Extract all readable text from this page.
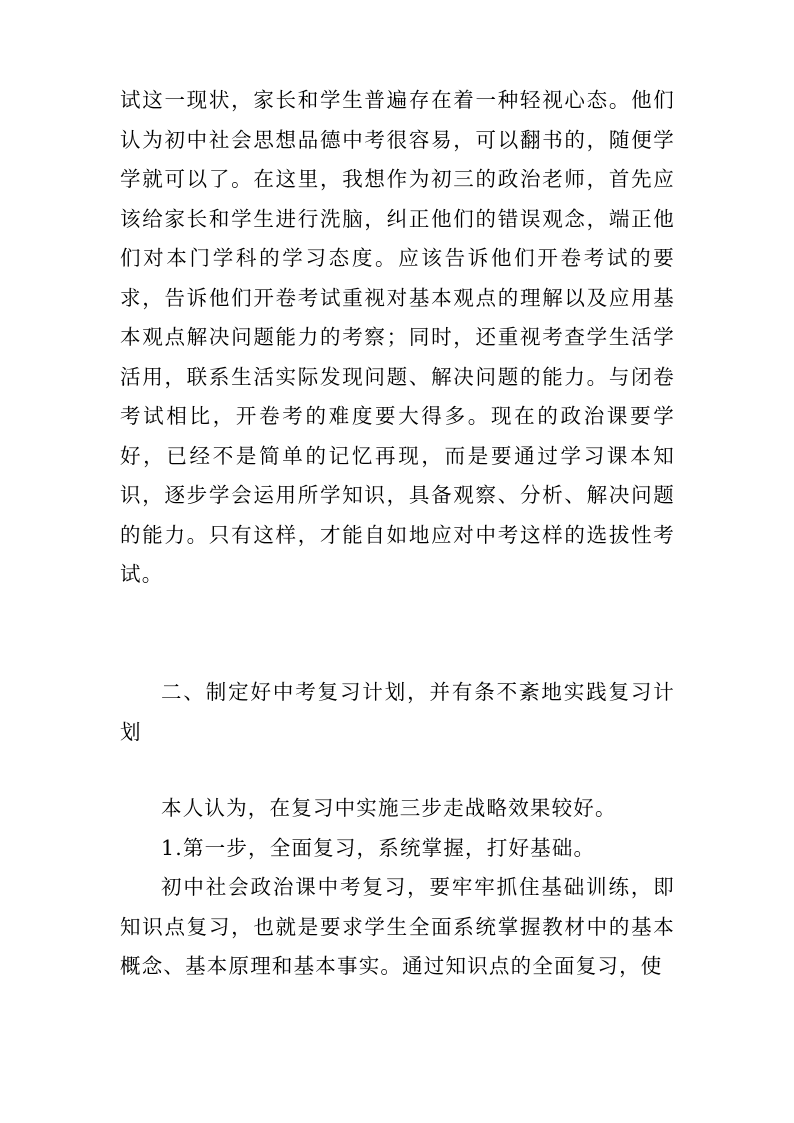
试这一现状，家长和学生普遍存在着一种轻视心态。他们认为初中社会思想品德中考很容易，可以翻书的，随便学学就可以了。在这里，我想作为初三的政治老师，首先应该给家长和学生进行洗脑，纠正他们的错误观念，端正他们对本门学科的学习态度。应该告诉他们开卷考试的要求，告诉他们开卷考试重视对基本观点的理解以及应用基本观点解决问题能力的考察；同时，还重视考查学生活学活用，联系生活实际发现问题、解决问题的能力。与闭卷考试相比，开卷考的难度要大得多。现在的政治课要学好，已经不是简单的记忆再现，而是要通过学习课本知识，逐步学会运用所学知识，具备观察、分析、解决问题的能力。只有这样，才能自如地应对中考这样的选拔性考试。

二、制定好中考复习计划，并有条不紊地实践复习计划

本人认为，在复习中实施三步走战略效果较好。

1.第一步，全面复习，系统掌握，打好基础。

初中社会政治课中考复习，要牢牢抓住基础训练，即知识点复习，也就是要求学生全面系统掌握教材中的基本概念、基本原理和基本事实。通过知识点的全面复习，使
